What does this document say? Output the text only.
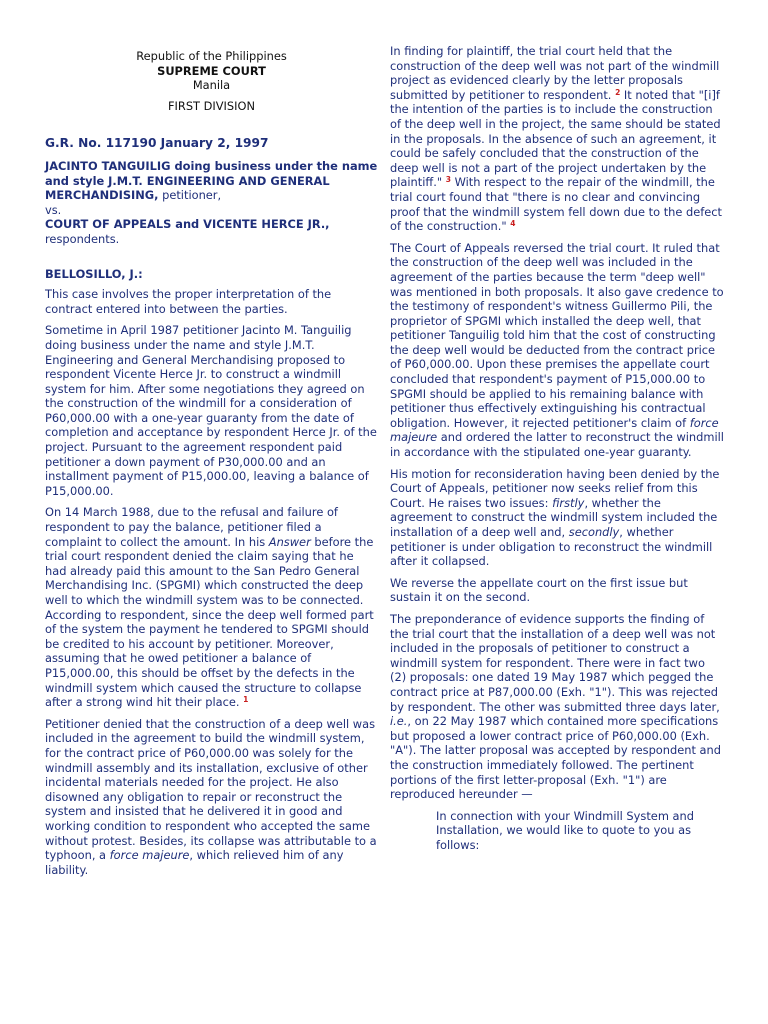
Republic of the Philippines
SUPREME COURT
Manila
FIRST DIVISION
G.R. No. 117190 January 2, 1997
JACINTO TANGUILIG doing business under the name and style J.M.T. ENGINEERING AND GENERAL MERCHANDISING, petitioner,
vs.
COURT OF APPEALS and VICENTE HERCE JR.,
respondents.
BELLOSILLO, J.:

This case involves the proper interpretation of the contract entered into between the parties.

Sometime in April 1987 petitioner Jacinto M. Tanguilig doing business under the name and style J.M.T. Engineering and General Merchandising proposed to respondent Vicente Herce Jr. to construct a windmill system for him. After some negotiations they agreed on the construction of the windmill for a consideration of P60,000.00 with a one-year guaranty from the date of completion and acceptance by respondent Herce Jr. of the project. Pursuant to the agreement respondent paid petitioner a down payment of P30,000.00 and an installment payment of P15,000.00, leaving a balance of P15,000.00.

On 14 March 1988, due to the refusal and failure of respondent to pay the balance, petitioner filed a complaint to collect the amount. In his Answer before the trial court respondent denied the claim saying that he had already paid this amount to the San Pedro General Merchandising Inc. (SPGMI) which constructed the deep well to which the windmill system was to be connected. According to respondent, since the deep well formed part of the system the payment he tendered to SPGMI should be credited to his account by petitioner. Moreover, assuming that he owed petitioner a balance of P15,000.00, this should be offset by the defects in the windmill system which caused the structure to collapse after a strong wind hit their place. $^1$

Petitioner denied that the construction of a deep well was included in the agreement to build the windmill system, for the contract price of P60,000.00 was solely for the windmill assembly and its installation, exclusive of other incidental materials needed for the project. He also disowned any obligation to repair or reconstruct the system and insisted that he delivered it in good and working condition to respondent who accepted the same without protest. Besides, its collapse was attributable to a typhoon, a force majeure, which relieved him of any liability.

In finding for plaintiff, the trial court held that the construction of the deep well was not part of the windmill project as evidenced clearly by the letter proposals submitted by petitioner to respondent. $^2$ It noted that "[i]f the intention of the parties is to include the construction of the deep well in the project, the same should be stated in the proposals. In the absence of such an agreement, it could be safely concluded that the construction of the deep well is not a part of the project undertaken by the plaintiff." $^3$ With respect to the repair of the windmill, the trial court found that "there is no clear and convincing proof that the windmill system fell down due to the defect of the construction." $^4$

The Court of Appeals reversed the trial court. It ruled that the construction of the deep well was included in the agreement of the parties because the term "deep well" was mentioned in both proposals. It also gave credence to the testimony of respondent's witness Guillermo Pili, the proprietor of SPGMI which installed the deep well, that petitioner Tanguilig told him that the cost of constructing the deep well would be deducted from the contract price of P60,000.00. Upon these premises the appellate court concluded that respondent's payment of P15,000.00 to SPGMI should be applied to his remaining balance with petitioner thus effectively extinguishing his contractual obligation. However, it rejected petitioner's claim of force majeure and ordered the latter to reconstruct the windmill in accordance with the stipulated one-year guaranty.

His motion for reconsideration having been denied by the Court of Appeals, petitioner now seeks relief from this Court. He raises two issues: firstly, whether the agreement to construct the windmill system included the installation of a deep well and, secondly, whether petitioner is under obligation to reconstruct the windmill after it collapsed.

We reverse the appellate court on the first issue but sustain it on the second.

The preponderance of evidence supports the finding of the trial court that the installation of a deep well was not included in the proposals of petitioner to construct a windmill system for respondent. There were in fact two (2) proposals: one dated 19 May 1987 which pegged the contract price at P87,000.00 (Exh. "1"). This was rejected by respondent. The other was submitted three days later, i.e., on 22 May 1987 which contained more specifications but proposed a lower contract price of P60,000.00 (Exh. "A"). The latter proposal was accepted by respondent and the construction immediately followed. The pertinent portions of the first letter-proposal (Exh. "1") are reproduced hereunder —

In connection with your Windmill System and Installation, we would like to quote to you as follows:
